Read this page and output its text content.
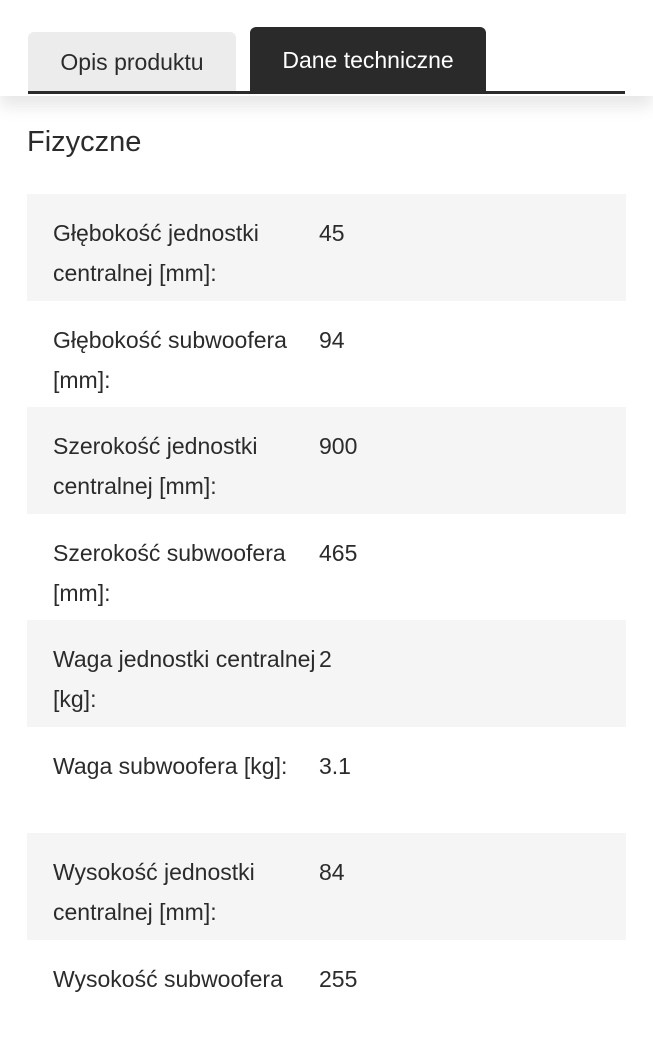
Opis produktu	Dane techniczne
Fizyczne
Głębokość jednostki centralnej [mm]:
45
Głębokość subwoofera [mm]:
94
Szerokość jednostki centralnej [mm]:
900
Szerokość subwoofera [mm]:
465
Waga jednostki centralnej [kg]:
2
Waga subwoofera [kg]:	3.1
Wysokość jednostki centralnej [mm]:
84
Wysokość subwoofera	255
